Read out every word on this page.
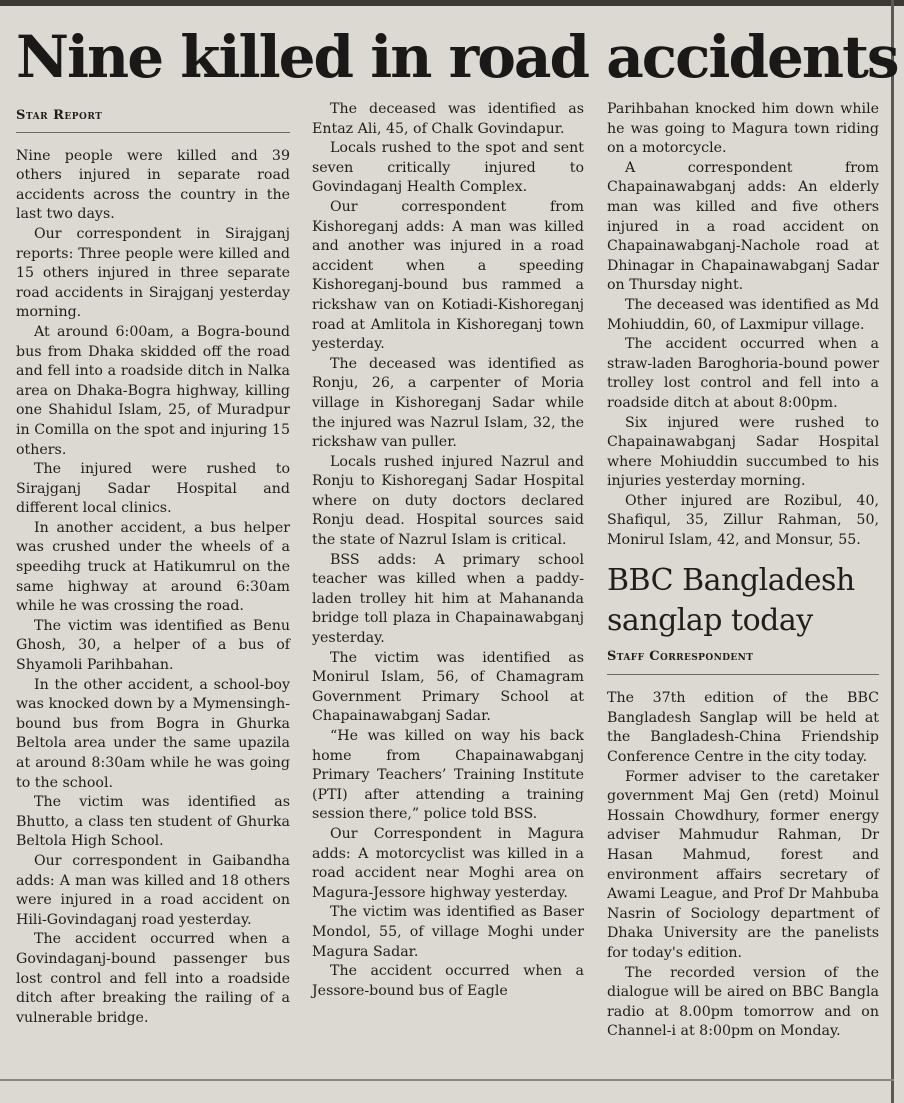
Nine killed in road accidents
Star Report

Nine people were killed and 39 others injured in separate road accidents across the country in the last two days.

Our correspondent in Sirajganj reports: Three people were killed and 15 others injured in three separate road accidents in Sirajganj yesterday morning.

At around 6:00am, a Bogra-bound bus from Dhaka skidded off the road and fell into a roadside ditch in Nalka area on Dhaka-Bogra highway, killing one Shahidul Islam, 25, of Muradpur in Comilla on the spot and injuring 15 others.

The injured were rushed to Sirajganj Sadar Hospital and different local clinics.

In another accident, a bus helper was crushed under the wheels of a speedihg truck at Hatikumrul on the same highway at around 6:30am while he was crossing the road.

The victim was identified as Benu Ghosh, 30, a helper of a bus of Shyamoli Parihbahan.

In the other accident, a school-boy was knocked down by a Mymensingh-bound bus from Bogra in Ghurka Beltola area under the same upazila at around 8:30am while he was going to the school.

The victim was identified as Bhutto, a class ten student of Ghurka Beltola High School.

Our correspondent in Gaibandha adds: A man was killed and 18 others were injured in a road accident on Hili-Govindaganj road yesterday.

The accident occurred when a Govindaganj-bound passenger bus lost control and fell into a roadside ditch after breaking the railing of a vulnerable bridge.

The deceased was identified as Entaz Ali, 45, of Chalk Govindapur.

Locals rushed to the spot and sent seven critically injured to Govindaganj Health Complex.

Our correspondent from Kishoreganj adds: A man was killed and another was injured in a road accident when a speeding Kishoreganj-bound bus rammed a rickshaw van on Kotiadi-Kishoreganj road at Amlitola in Kishoreganj town yesterday.

The deceased was identified as Ronju, 26, a carpenter of Moria village in Kishoreganj Sadar while the injured was Nazrul Islam, 32, the rickshaw van puller.

Locals rushed injured Nazrul and Ronju to Kishoreganj Sadar Hospital where on duty doctors declared Ronju dead. Hospital sources said the state of Nazrul Islam is critical.

BSS adds: A primary school teacher was killed when a paddy-laden trolley hit him at Mahananda bridge toll plaza in Chapainawabganj yesterday.

The victim was identified as Monirul Islam, 56, of Chamagram Government Primary School at Chapainawabganj Sadar.

“He was killed on way his back home from Chapainawabganj Primary Teachers’ Training Institute (PTI) after attending a training session there,” police told BSS.

Our Correspondent in Magura adds: A motorcyclist was killed in a road accident near Moghi area on Magura-Jessore highway yesterday.

The victim was identified as Baser Mondol, 55, of village Moghi under Magura Sadar.

The accident occurred when a Jessore-bound bus of Eagle

Parihbahan knocked him down while he was going to Magura town riding on a motorcycle.

A correspondent from Chapainawabganj adds: An elderly man was killed and five others injured in a road accident on Chapainawabganj-Nachole road at Dhinagar in Chapainawabganj Sadar on Thursday night.

The deceased was identified as Md Mohiuddin, 60, of Laxmipur village.

The accident occurred when a straw-laden Baroghoria-bound power trolley lost control and fell into a roadside ditch at about 8:00pm.

Six injured were rushed to Chapainawabganj Sadar Hospital where Mohiuddin succumbed to his injuries yesterday morning.

Other injured are Rozibul, 40, Shafiqul, 35, Zillur Rahman, 50, Monirul Islam, 42, and Monsur, 55.

BBC Bangladesh sanglap today
Staff Correspondent

The 37th edition of the BBC Bangladesh Sanglap will be held at the Bangladesh-China Friendship Conference Centre in the city today.

Former adviser to the caretaker government Maj Gen (retd) Moinul Hossain Chowdhury, former energy adviser Mahmudur Rahman, Dr Hasan Mahmud, forest and environment affairs secretary of Awami League, and Prof Dr Mahbuba Nasrin of Sociology department of Dhaka University are the panelists for today's edition.

The recorded version of the dialogue will be aired on BBC Bangla radio at 8.00pm tomorrow and on Channel-i at 8:00pm on Monday.
